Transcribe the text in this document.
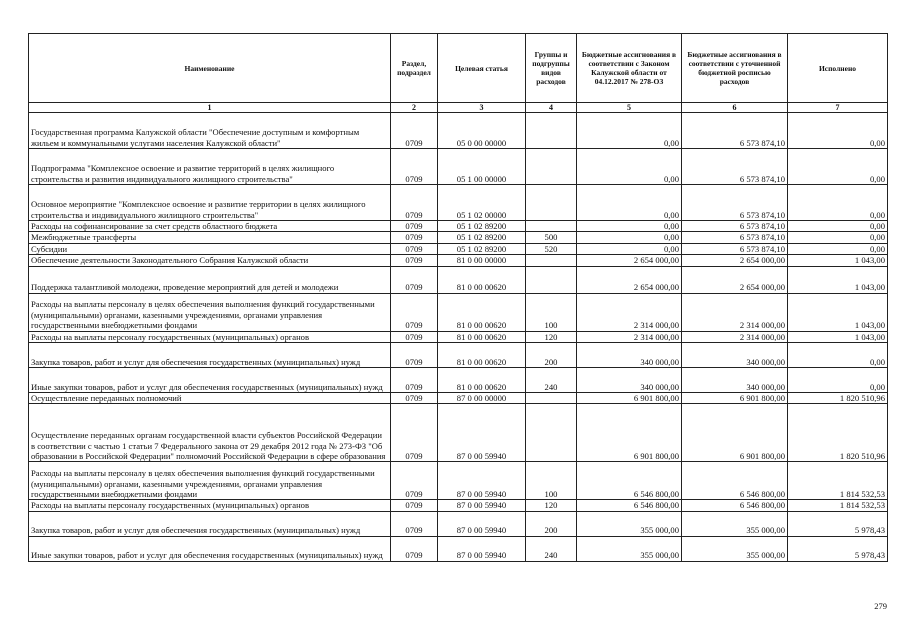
Наименование	Раздел, подраздел	Целевая статья	Группы и подгруппы видов расходов	Бюджетные ассигнования в соответствии с Законом Калужской области от 04.12.2017 № 278-ОЗ	Бюджетные ассигнования в соответствии с уточненной бюджетной росписью расходов	Исполнено
1	2	3	4	5	6	7
Государственная программа Калужской области "Обеспечение доступным и комфортным жильем и коммунальными услугами населения Калужской области"	0709	05 0 00 00000		0,00	6 573 874,10	0,00
Подпрограмма "Комплексное освоение и развитие территорий в целях жилищного строительства и развития индивидуального жилищного строительства"	0709	05 1 00 00000		0,00	6 573 874,10	0,00
Основное мероприятие "Комплексное освоение и развитие территории в целях жилищного строительства и индивидуального жилищного строительства"	0709	05 1 02 00000		0,00	6 573 874,10	0,00
Расходы на софинансирование за счет средств областного бюджета	0709	05 1 02 89200		0,00	6 573 874,10	0,00
Межбюджетные трансферты	0709	05 1 02 89200	500	0,00	6 573 874,10	0,00
Субсидии	0709	05 1 02 89200	520	0,00	6 573 874,10	0,00
Обеспечение деятельности Законодательного Собрания Калужской области	0709	81 0 00 00000		2 654 000,00	2 654 000,00	1 043,00
Поддержка талантливой молодежи, проведение мероприятий для детей и молодежи	0709	81 0 00 00620		2 654 000,00	2 654 000,00	1 043,00
Расходы на выплаты персоналу в целях обеспечения выполнения функций государственными (муниципальными) органами, казенными учреждениями, органами управления государственными внебюджетными фондами	0709	81 0 00 00620	100	2 314 000,00	2 314 000,00	1 043,00
Расходы на выплаты персоналу государственных (муниципальных) органов	0709	81 0 00 00620	120	2 314 000,00	2 314 000,00	1 043,00
Закупка товаров, работ и услуг для обеспечения государственных (муниципальных) нужд	0709	81 0 00 00620	200	340 000,00	340 000,00	0,00
Иные закупки товаров, работ и услуг для обеспечения государственных (муниципальных) нужд	0709	81 0 00 00620	240	340 000,00	340 000,00	0,00
Осуществление переданных полномочий	0709	87 0 00 00000		6 901 800,00	6 901 800,00	1 820 510,96
Осуществление переданных органам государственной власти субъектов Российской Федерации в соответствии с частью 1 статьи 7 Федерального закона от 29 декабря 2012 года № 273-ФЗ "Об образовании в Российской Федерации" полномочий Российской Федерации в сфере образования	0709	87 0 00 59940		6 901 800,00	6 901 800,00	1 820 510,96
Расходы на выплаты персоналу в целях обеспечения выполнения функций государственными (муниципальными) органами, казенными учреждениями, органами управления государственными внебюджетными фондами	0709	87 0 00 59940	100	6 546 800,00	6 546 800,00	1 814 532,53
Расходы на выплаты персоналу государственных (муниципальных) органов	0709	87 0 00 59940	120	6 546 800,00	6 546 800,00	1 814 532,53
Закупка товаров, работ и услуг для обеспечения государственных (муниципальных) нужд	0709	87 0 00 59940	200	355 000,00	355 000,00	5 978,43
Иные закупки товаров, работ и услуг для обеспечения государственных (муниципальных) нужд	0709	87 0 00 59940	240	355 000,00	355 000,00	5 978,43
279
